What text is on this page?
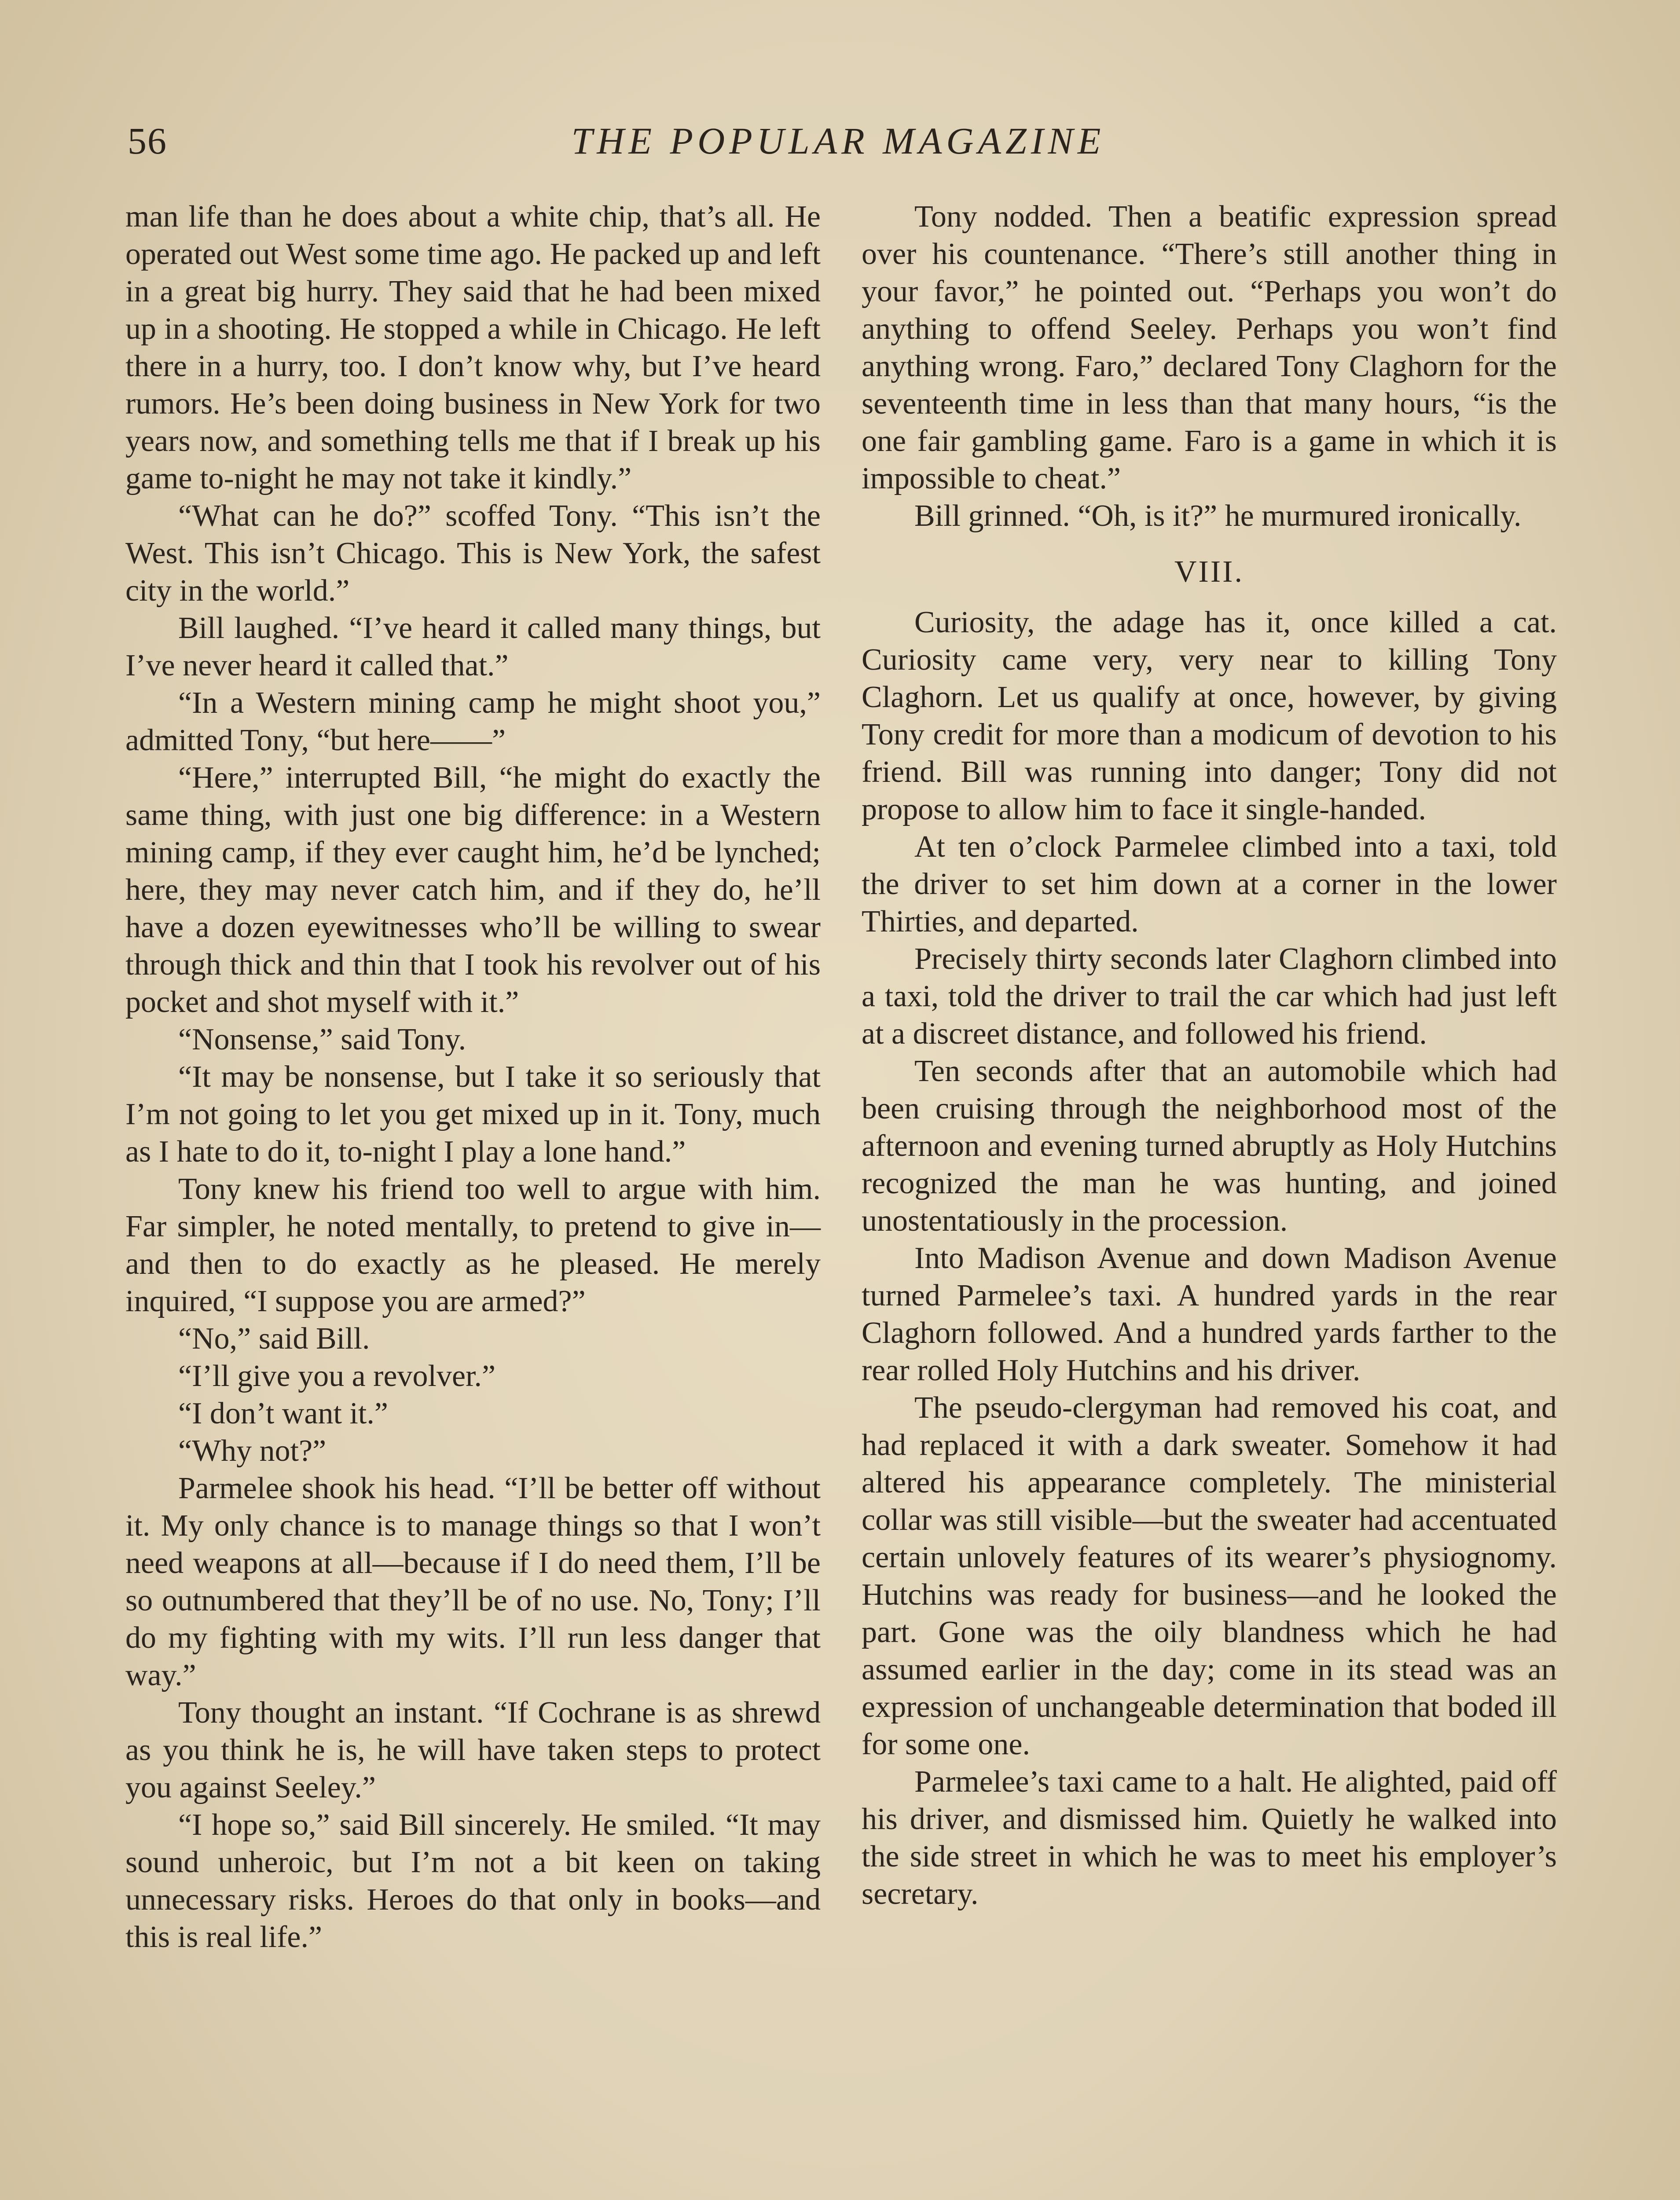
56	THE POPULAR MAGAZINE

man life than he does about a white chip, that’s all. He operated out West some time ago. He packed up and left in a great big hurry. They said that he had been mixed up in a shooting. He stopped a while in Chicago. He left there in a hurry, too. I don’t know why, but I’ve heard rumors. He’s been doing business in New York for two years now, and something tells me that if I break up his game to-night he may not take it kindly.”

“What can he do?” scoffed Tony. “This isn’t the West. This isn’t Chicago. This is New York, the safest city in the world.”

Bill laughed. “I’ve heard it called many things, but I’ve never heard it called that.”

“In a Western mining camp he might shoot you,” admitted Tony, “but here——”

“Here,” interrupted Bill, “he might do exactly the same thing, with just one big difference: in a Western mining camp, if they ever caught him, he’d be lynched; here, they may never catch him, and if they do, he’ll have a dozen eyewitnesses who’ll be willing to swear through thick and thin that I took his revolver out of his pocket and shot myself with it.”

“Nonsense,” said Tony.

“It may be nonsense, but I take it so seriously that I’m not going to let you get mixed up in it. Tony, much as I hate to do it, to-night I play a lone hand.”

Tony knew his friend too well to argue with him. Far simpler, he noted mentally, to pretend to give in—and then to do exactly as he pleased. He merely inquired, “I suppose you are armed?”

“No,” said Bill.

“I’ll give you a revolver.”

“I don’t want it.”

“Why not?”

Parmelee shook his head. “I’ll be better off without it. My only chance is to manage things so that I won’t need weapons at all—because if I do need them, I’ll be so outnumbered that they’ll be of no use. No, Tony; I’ll do my fighting with my wits. I’ll run less danger that way.”

Tony thought an instant. “If Cochrane is as shrewd as you think he is, he will have taken steps to protect you against Seeley.”

“I hope so,” said Bill sincerely. He smiled. “It may sound unheroic, but I’m not a bit keen on taking unnecessary risks. Heroes do that only in books—and this is real life.”

Tony nodded. Then a beatific expression spread over his countenance. “There’s still another thing in your favor,” he pointed out. “Perhaps you won’t do anything to offend Seeley. Perhaps you won’t find anything wrong. Faro,” declared Tony Claghorn for the seventeenth time in less than that many hours, “is the one fair gambling game. Faro is a game in which it is impossible to cheat.”

Bill grinned. “Oh, is it?” he murmured ironically.

VIII.

Curiosity, the adage has it, once killed a cat. Curiosity came very, very near to killing Tony Claghorn. Let us qualify at once, however, by giving Tony credit for more than a modicum of devotion to his friend. Bill was running into danger; Tony did not propose to allow him to face it single-handed.

At ten o’clock Parmelee climbed into a taxi, told the driver to set him down at a corner in the lower Thirties, and departed.

Precisely thirty seconds later Claghorn climbed into a taxi, told the driver to trail the car which had just left at a discreet distance, and followed his friend.

Ten seconds after that an automobile which had been cruising through the neighborhood most of the afternoon and evening turned abruptly as Holy Hutchins recognized the man he was hunting, and joined unostentatiously in the procession.

Into Madison Avenue and down Madison Avenue turned Parmelee’s taxi. A hundred yards in the rear Claghorn followed. And a hundred yards farther to the rear rolled Holy Hutchins and his driver.

The pseudo-clergyman had removed his coat, and had replaced it with a dark sweater. Somehow it had altered his appearance completely. The ministerial collar was still visible—but the sweater had accentuated certain unlovely features of its wearer’s physiognomy. Hutchins was ready for business—and he looked the part. Gone was the oily blandness which he had assumed earlier in the day; come in its stead was an expression of unchangeable determination that boded ill for some one.

Parmelee’s taxi came to a halt. He alighted, paid off his driver, and dismissed him. Quietly he walked into the side street in which he was to meet his employer’s secretary.
